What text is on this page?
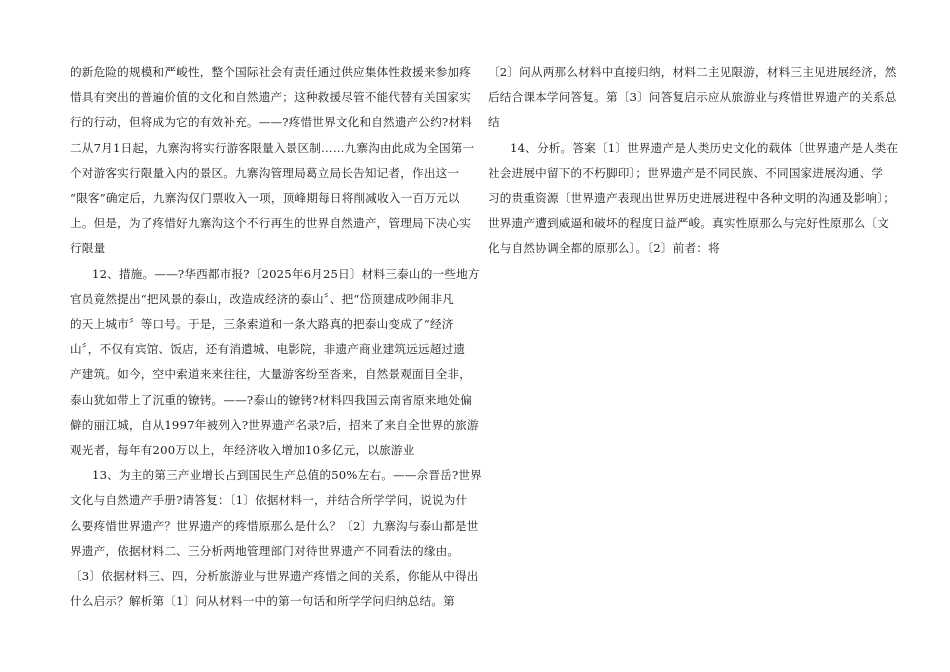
的新危险的规模和严峻性，整个国际社会有责任通过供应集体性救援来参加疼
惜具有突出的普遍价值的文化和自然遗产；这种救援尽管不能代替有关国家实
行的行动，但将成为它的有效补充。——?疼惜世界文化和自然遗产公约?材料
二从7月1日起，九寨沟将实行游客限量入景区制……九寨沟由此成为全国第一
个对游客实行限量入内的景区。九寨沟管理局葛立局长告知记者，作出这一
“限客”确定后，九寨沟仅门票收入一项，顶峰期每日将削减收入一百万元以
上。但是，为了疼惜好九寨沟这个不行再生的世界自然遗产，管理局下决心实
行限量
12、措施。——?华西都市报?〔2025年6月25日〕材料三泰山的一些地方
官员竟然提出“把风景的泰山，改造成经济的泰山〞、把“岱顶建成吵闹非凡
的天上城市〞等口号。于是，三条索道和一条大路真的把泰山变成了“经济
山〞，不仅有宾馆、饭店，还有消遣城、电影院，非遗产商业建筑远远超过遗
产建筑。如今，空中索道来来往往，大量游客纷至沓来，自然景观面目全非，
泰山犹如带上了沉重的镣铐。——?泰山的镣铐?材料四我国云南省原来地处偏
僻的丽江城，自从1997年被列入?世界遗产名录?后，招来了来自全世界的旅游
观光者，每年有200万以上，年经济收入增加10多亿元，以旅游业
13、为主的第三产业增长占到国民生产总值的50%左右。——佘晋岳?世界
文化与自然遗产手册?请答复：〔1〕依据材料一，并结合所学学问，说说为什
么要疼惜世界遗产？世界遗产的疼惜原那么是什么？〔2〕九寨沟与泰山都是世
界遗产，依据材料二、三分析两地管理部门对待世界遗产不同看法的缘由。
〔3〕依据材料三、四，分析旅游业与世界遗产疼惜之间的关系，你能从中得出
什么启示？解析第〔1〕问从材料一中的第一句话和所学学问归纳总结。第
〔2〕问从两那么材料中直接归纳，材料二主见限游，材料三主见进展经济，然
后结合课本学问答复。第〔3〕问答复启示应从旅游业与疼惜世界遗产的关系总
结
14、分析。答案〔1〕世界遗产是人类历史文化的载体〔世界遗产是人类在
社会进展中留下的不朽脚印〕；世界遗产是不同民族、不同国家进展沟通、学
习的贵重资源〔世界遗产表现出世界历史进展进程中各种文明的沟通及影响〕；
世界遗产遭到威逼和破坏的程度日益严峻。真实性原那么与完好性原那么〔文
化与自然协调全都的原那么〕。〔2〕前者：将
